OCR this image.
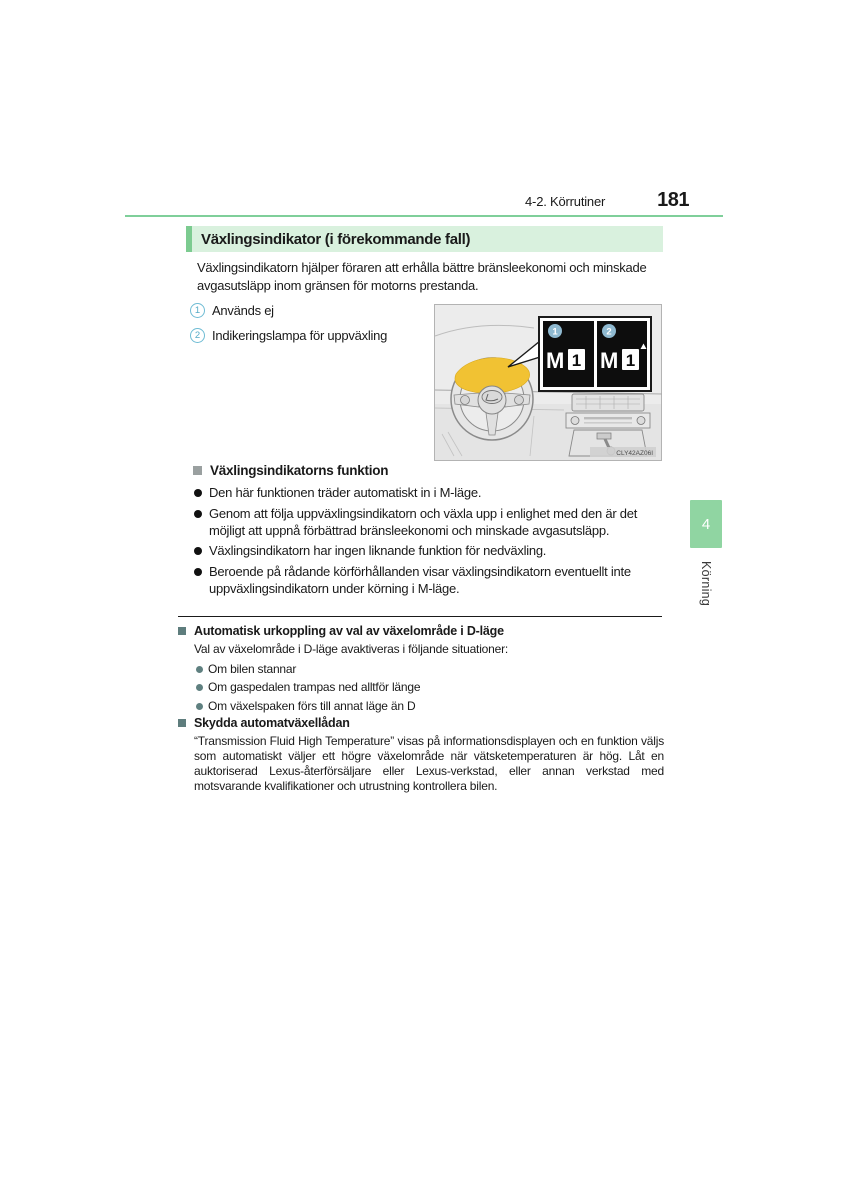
4-2. Körrutiner	181
Växlingsindikator (i förekommande fall)

Växlingsindikatorn hjälper föraren att erhålla bättre bränsleekonomi och minskade avgasutsläpp inom gränsen för motorns prestanda.

1 Används ej
2 Indikeringslampa för uppväxling	1	2
M 1 M 1
CLY42AZ06I
Växlingsindikatorns funktion
Den här funktionen träder automatiskt in i M-läge.
Genom att följa uppväxlingsindikatorn och växla upp i enlighet med den är det möjligt att uppnå förbättrad bränsleekonomi och minskade avgasutsläpp.
Växlingsindikatorn har ingen liknande funktion för nedväxling.
Beroende på rådande körförhållanden visar växlingsindikatorn eventuellt inte uppväxlingsindikatorn under körning i M-läge.
Automatisk urkoppling av val av växelområde i D-läge
Val av växelområde i D-läge avaktiveras i följande situationer:
Om bilen stannar
Om gaspedalen trampas ned alltför länge
Om växelspaken förs till annat läge än D
Skydda automatväxellådan
“Transmission Fluid High Temperature” visas på informationsdisplayen och en funktion väljs som automatiskt väljer ett högre växelområde när vätsketemperaturen är hög. Låt en auktoriserad Lexus-återförsäljare eller Lexus-verkstad, eller annan verkstad med motsvarande kvalifikationer och utrustning kontrollera bilen.
4
Körning
